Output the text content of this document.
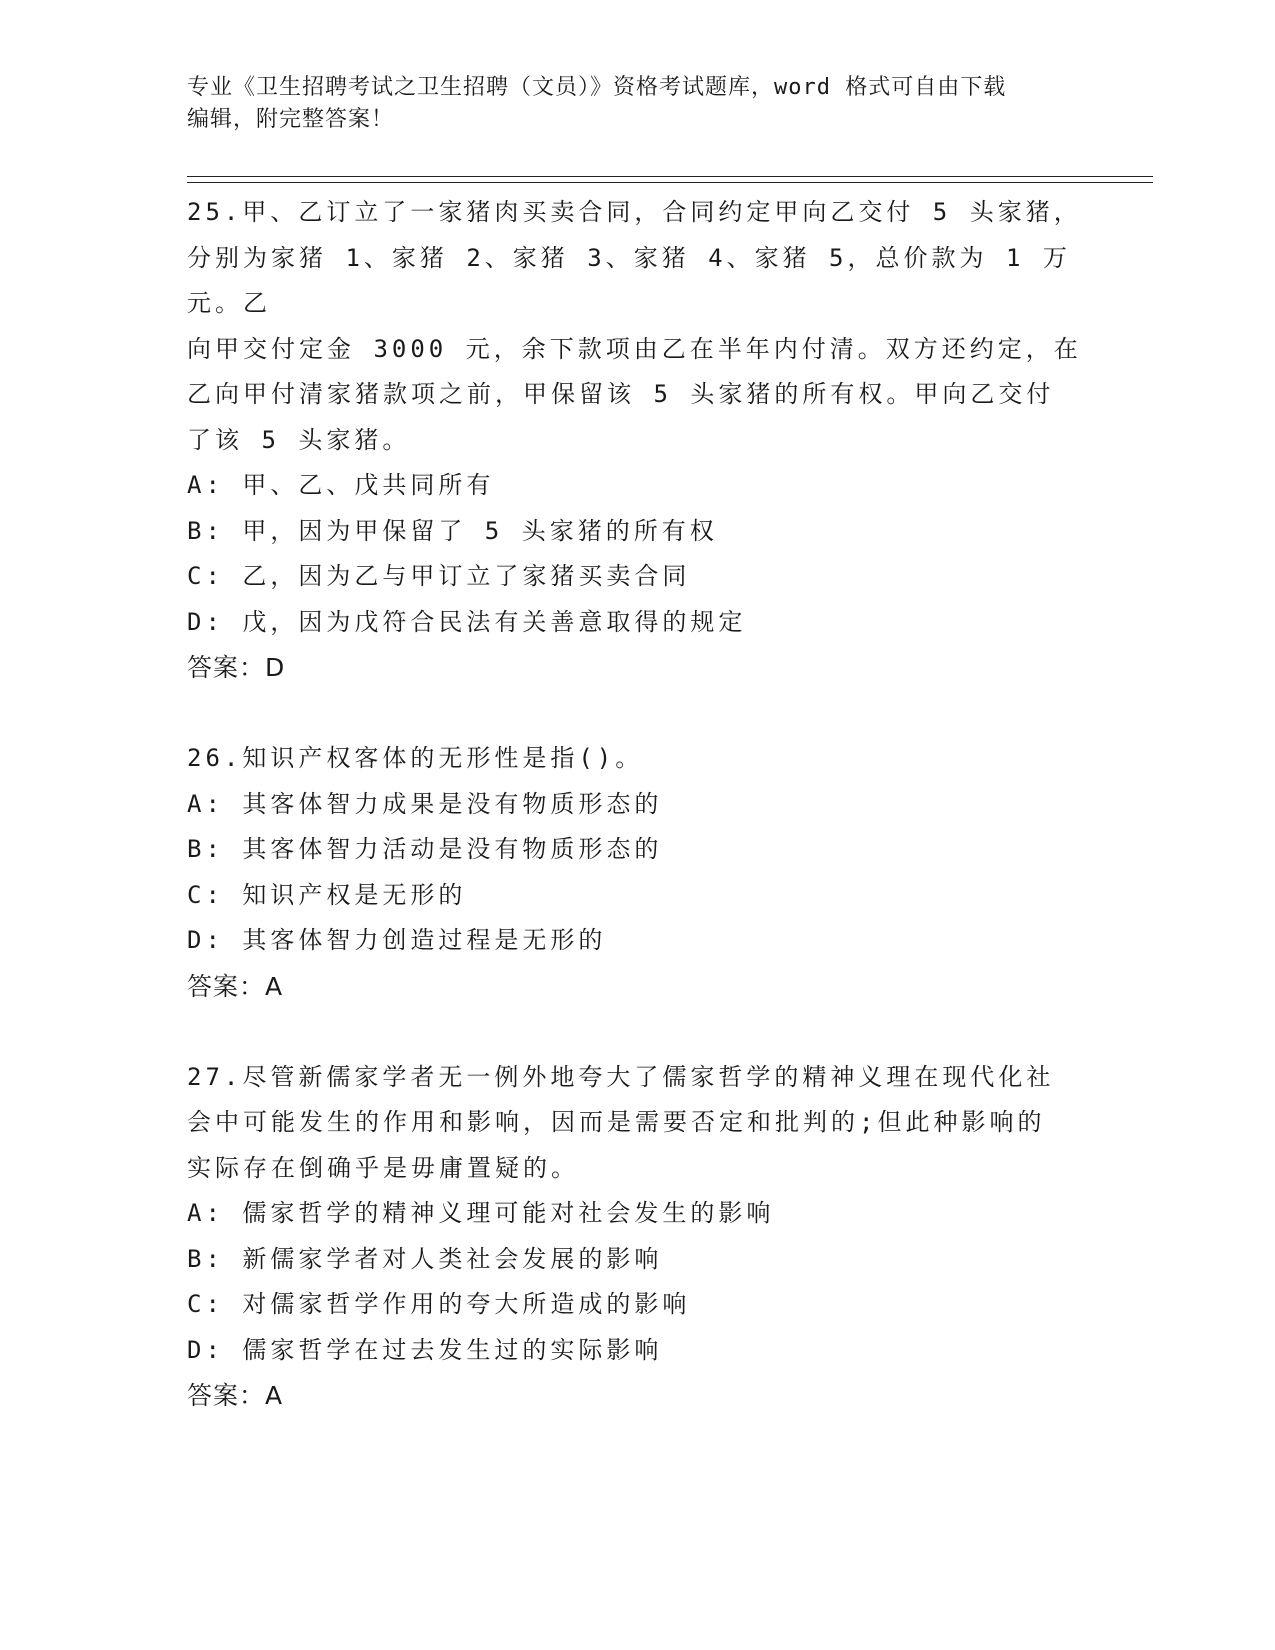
专业《卫生招聘考试之卫生招聘（文员）》资格考试题库，word 格式可自由下载
编辑，附完整答案！

25.甲、乙订立了一家猪肉买卖合同，合同约定甲向乙交付 5 头家猪，

分别为家猪 1、家猪 2、家猪 3、家猪 4、家猪 5，总价款为 1 万元。乙

向甲交付定金 3000 元，余下款项由乙在半年内付清。双方还约定，在

乙向甲付清家猪款项之前，甲保留该 5 头家猪的所有权。甲向乙交付

了该 5 头家猪。

A: 甲、乙、戊共同所有

B: 甲，因为甲保留了 5 头家猪的所有权

C: 乙，因为乙与甲订立了家猪买卖合同

D: 戊，因为戊符合民法有关善意取得的规定

答案：D

26.知识产权客体的无形性是指()。

A: 其客体智力成果是没有物质形态的

B: 其客体智力活动是没有物质形态的

C: 知识产权是无形的

D: 其客体智力创造过程是无形的

答案：A

27.尽管新儒家学者无一例外地夸大了儒家哲学的精神义理在现代化社

会中可能发生的作用和影响，因而是需要否定和批判的;但此种影响的

实际存在倒确乎是毋庸置疑的。

A: 儒家哲学的精神义理可能对社会发生的影响

B: 新儒家学者对人类社会发展的影响

C: 对儒家哲学作用的夸大所造成的影响

D: 儒家哲学在过去发生过的实际影响

答案：A
